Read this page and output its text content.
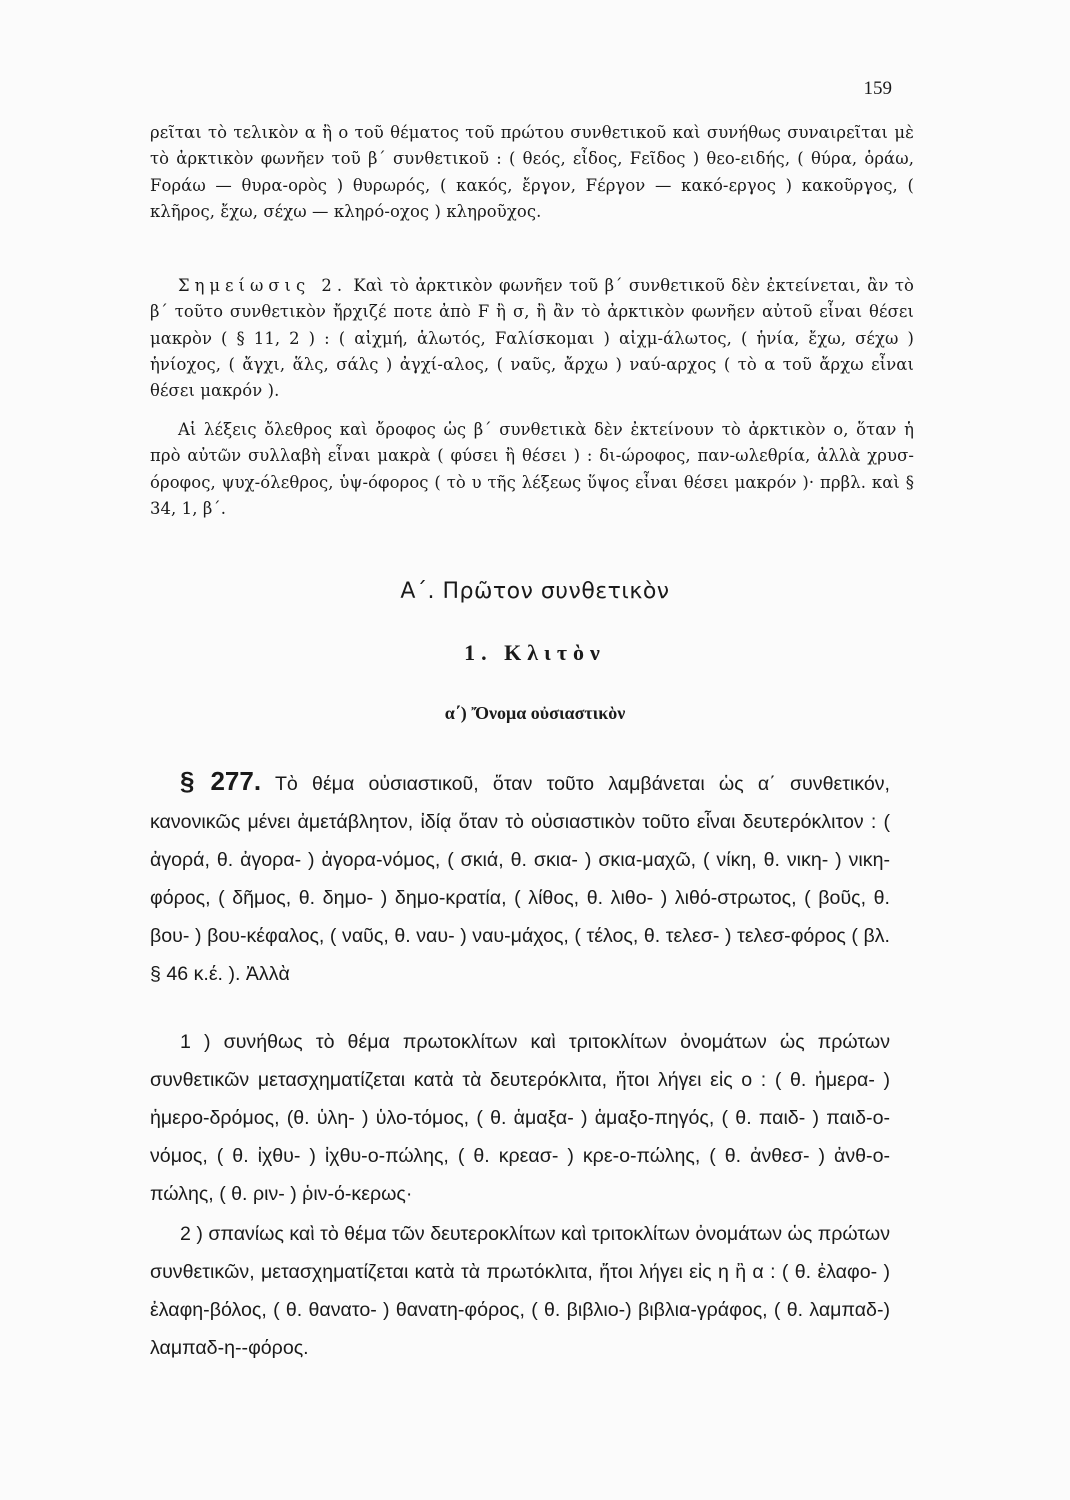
159

ρεῖται τὸ τελικὸν α ἢ ο τοῦ θέματος τοῦ πρώτου συνθετικοῦ καὶ συνήθως συναιρεῖται μὲ τὸ ἀρκτικὸν φωνῆεν τοῦ β΄ συνθετικοῦ : ( θεός, εἶδος, Fεῖδος ) θεο-ειδής, ( θύρα, ὁράω, Fοράω — θυρα-ορὸς ) θυρωρός, ( κακός, ἔργον, Fέργον — κακό-εργος ) κακοῦργος, ( κλῆρος, ἔχω, σέχω — κληρό-οχος ) κληροῦχος.

Σημείωσις 2. Καὶ τὸ ἀρκτικὸν φωνῆεν τοῦ β΄ συνθετικοῦ δὲν ἐκτείνεται, ἂν τὸ β΄ τοῦτο συνθετικὸν ἤρχιζέ ποτε ἀπὸ F ἢ σ, ἢ ἂν τὸ ἀρκτικὸν φωνῆεν αὐτοῦ εἶναι θέσει μακρὸν ( § 11, 2 ) : ( αἰχμή, ἁλωτός, Fαλίσκομαι ) αἰχμ-άλωτος, ( ἡνία, ἔχω, σέχω ) ἡνίοχος, ( ἄγχι, ἅλς, σάλς ) ἀγχί-αλος, ( ναῦς, ἄρχω ) ναύ-αρχος ( τὸ α τοῦ ἄρχω εἶναι θέσει μακρόν ).

Αἱ λέξεις ὄλεθρος καὶ ὄροφος ὡς β΄ συνθετικὰ δὲν ἐκτείνουν τὸ ἀρκτικὸν ο, ὅταν ἡ πρὸ αὐτῶν συλλαβὴ εἶναι μακρὰ ( φύσει ἢ θέσει ) : δι-ώροφος, παν-ωλεθρία, ἀλλὰ χρυσ-όροφος, ψυχ-όλεθρος, ὑψ-όφορος ( τὸ υ τῆς λέξεως ὕψος εἶναι θέσει μακρόν )· πρβλ. καὶ § 34, 1, β΄.

Α΄. Πρῶτον συνθετικὸν
1. Κλιτὸν
α΄) Ὄνομα οὐσιαστικὸν

§ 277. Τὸ θέμα οὐσιαστικοῦ, ὅταν τοῦτο λαμβάνεται ὡς α΄ συνθετικόν, κανονικῶς μένει ἀμετάβλητον, ἰδίᾳ ὅταν τὸ οὐσιαστικὸν τοῦτο εἶναι δευτερόκλιτον : ( ἀγορά, θ. ἀγορα- ) ἀγορα-νόμος, ( σκιά, θ. σκια- ) σκια-μαχῶ, ( νίκη, θ. νικη- ) νικη-φόρος, ( δῆμος, θ. δημο- ) δημο-κρατία, ( λίθος, θ. λιθο- ) λιθό-στρωτος, ( βοῦς, θ. βου- ) βου-κέφαλος, ( ναῦς, θ. ναυ- ) ναυ-μάχος, ( τέλος, θ. τελεσ- ) τελεσ-φόρος ( βλ. § 46 κ.έ. ). Ἀλλὰ

1 ) συνήθως τὸ θέμα πρωτοκλίτων καὶ τριτοκλίτων ὀνομάτων ὡς πρώτων συνθετικῶν μετασχηματίζεται κατὰ τὰ δευτερόκλιτα, ἤτοι λήγει εἰς ο : ( θ. ἡμερα- ) ἡμερο-δρόμος, (θ. ὑλη- ) ὑλο-τόμος, ( θ. ἁμαξα- ) ἁμαξο-πηγός, ( θ. παιδ- ) παιδ-ο-νόμος, ( θ. ἰχθυ- ) ἰχθυ-ο-πώλης, ( θ. κρεασ- ) κρε-ο-πώλης, ( θ. ἀνθεσ- ) ἀνθ-ο-πώλης, ( θ. ριν- ) ῥιν-ό-κερως·

2 ) σπανίως καὶ τὸ θέμα τῶν δευτεροκλίτων καὶ τριτοκλίτων ὀνομάτων ὡς πρώτων συνθετικῶν, μετασχηματίζεται κατὰ τὰ πρωτόκλιτα, ἤτοι λήγει εἰς η ἢ α : ( θ. ἐλαφο- ) ἐλαφη-βόλος, ( θ. θανατο- ) θανατη-φόρος, ( θ. βιβλιο-) βιβλια-γράφος, ( θ. λαμπαδ-) λαμπαδ-η--φόρος.
